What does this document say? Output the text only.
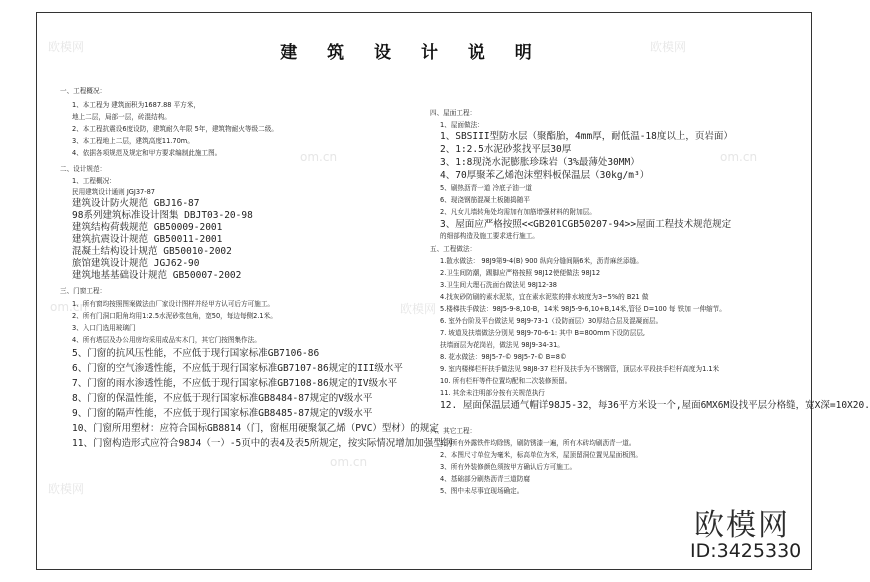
欧模网
om.cn
欧模网
om.cn	欧模网
om.cn
欧模网
om.cn
建 筑 设 计 说 明
一、工程概况：
1、本工程为 建筑面积为1687.88 平方米，
地上二层，局部一层，砖混结构。
2、本工程抗震设6度设防，建筑耐久年限 5年，建筑物耐火等级二级。
3、本工程地上二层，建筑高度11.70m。
4、依据各项规范及规定和甲方要求编制此施工图。
二、设计规范：
1、工程概况：
民用建筑设计通则 JGJ37-87
建筑设计防火规范 GBJ16-87
98系列建筑标准设计图集 DBJT03-20-98
建筑结构荷载规范 GB50009-2001
建筑抗震设计规范 GB50011-2001
混凝土结构设计规范 GB50010-2002
旅馆建筑设计规范 JGJ62-90
建筑地基基础设计规范 GB50007-2002
三、门窗工程：
1、所有窗均按照图案做法由厂家设计图样并经甲方认可后方可施工。
2、所有门洞口阳角均用1:2.5水泥砂浆包角，宽50，每边每侧2.1米。
3、入口门选用玻璃门
4、所有塔层及办公用房均采用成品实木门，其它门按图集作法。
5、门窗的抗风压性能，不应低于现行国家标准GB7106-86
6、门窗的空气渗透性能，不应低于现行国家标准GB7107-86规定的III级水平
7、门窗的雨水渗透性能，不应低于现行国家标准GB7108-86规定的IV级水平
8、门窗的保温性能，不应低于现行国家标准GB8484-87规定的V级水平
9、门窗的隔声性能，不应低于现行国家标准GB8485-87规定的V级水平
10、门窗所用塑材：应符合国标GB8814（门，窗框用硬聚氯乙烯（PVC）型材）的规定
11、门窗构造形式应符合98J4（一）-5页中的表4及表5所规定，按实际情况增加加强型钢
四、屋面工程：
1、屋面做法：
1、SBSIII型防水层（聚酯胎，4mm厚，耐低温-18度以上，页岩面）
2、1:2.5水泥砂浆找平层30厚
3、1:8现浇水泥膨胀珍珠岩（3%最薄处30MM）
4、70厚聚苯乙烯泡沫塑料板保温层（30kg/m³）
5、刷热沥青一道 冷底子油一道
6、现浇钢筋混凝土板随捣随平
2、凡女儿墙转角处均需加有加筋增强材料的附加层。
3、屋面应严格按照<<GB201CGB50207-94>>屋面工程技术规范规定
的细部构造及施工要求进行施工。
五、工程做法：
1.散水做法： 98J9第9-4(B) 900 纵向分缝间隔6米，沥青麻丝添缝。
2.卫生间防潮，踢脚应严格按照 98J12使便做法 98J12
3.卫生间大理石洗面台做法见 98J12-38
4.找灰砂防刷的素水泥浆，宜在素水泥浆的排水坡度为3~5%的 B21 做
5.楼梯扶手做法：98J5-9-8,10-B，14米 98J5-9-6,10+B,14米,管径 D=100 每 铁加 一伸缩节。
6. 室外台阶及平台做法见 98J9-73-1（设防面层）30厚结合层及混凝面层。
7. 坡道及扶墙做法分别见 98J9-70-6-1: 其中 B=800mm下设防层层,
扶墙面层为花岗岩，做法见 98J9-34-31。
8. 花水做法：98J5-7-© 98J5-7-© B=8©
9. 室内楼梯栏杆扶手做法见 98J8-37 栏杆及扶手为不锈钢管，顶层水平段扶手栏杆高度为1.1米
10. 所有栏杆等件位置均配和二次装修预留。
11. 其余未注明部分按有关规范执行
12. 屋面保温层通气帽详98J5-32，每36平方米设一个,屋面6MX6M设找平层分格缝，宽X深=10X20.
六、其它工程：
1、所有外露铁件均除锈，刷防锈漆一遍，所有木砖均刷沥青一道。
2、本图尺寸单位为毫米，标高单位为米，屋顶留洞位置见屋面板图。
3、所有外装修颜色须按甲方确认后方可施工。
4、基础部分刷热沥青三道防腐
5、图中未尽事宜现场确定。
欧模网
ID:3425330
